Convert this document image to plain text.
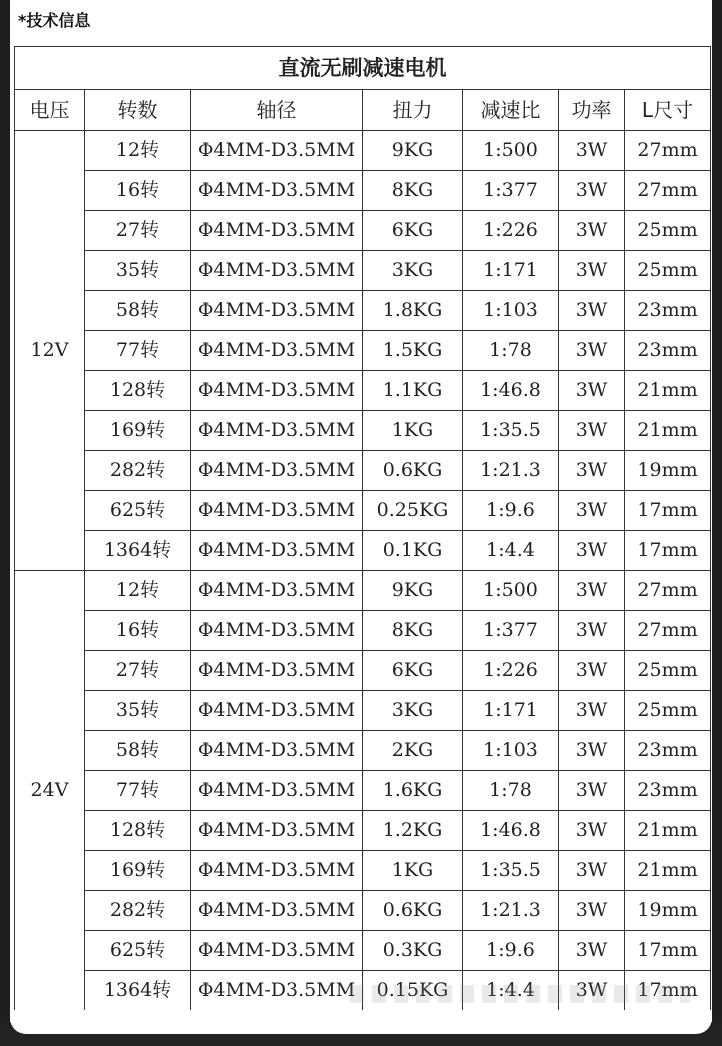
*技术信息
直流无刷减速电机						
电压	转数	轴径	扭力	减速比	功率	L尺寸
12V	12转	Φ4MM-D3.5MM	9KG	1:500	3W	27mm
	16转	Φ4MM-D3.5MM	8KG	1:377	3W	27mm
	27转	Φ4MM-D3.5MM	6KG	1:226	3W	25mm
	35转	Φ4MM-D3.5MM	3KG	1:171	3W	25mm
	58转	Φ4MM-D3.5MM	1.8KG	1:103	3W	23mm
	77转	Φ4MM-D3.5MM	1.5KG	1:78	3W	23mm
	128转	Φ4MM-D3.5MM	1.1KG	1:46.8	3W	21mm
	169转	Φ4MM-D3.5MM	1KG	1:35.5	3W	21mm
	282转	Φ4MM-D3.5MM	0.6KG	1:21.3	3W	19mm
	625转	Φ4MM-D3.5MM	0.25KG	1:9.6	3W	17mm
	1364转	Φ4MM-D3.5MM	0.1KG	1:4.4	3W	17mm
24V	12转	Φ4MM-D3.5MM	9KG	1:500	3W	27mm
	16转	Φ4MM-D3.5MM	8KG	1:377	3W	27mm
	27转	Φ4MM-D3.5MM	6KG	1:226	3W	25mm
	35转	Φ4MM-D3.5MM	3KG	1:171	3W	25mm
	58转	Φ4MM-D3.5MM	2KG	1:103	3W	23mm
	77转	Φ4MM-D3.5MM	1.6KG	1:78	3W	23mm
	128转	Φ4MM-D3.5MM	1.2KG	1:46.8	3W	21mm
	169转	Φ4MM-D3.5MM	1KG	1:35.5	3W	21mm
	282转	Φ4MM-D3.5MM	0.6KG	1:21.3	3W	19mm
	625转	Φ4MM-D3.5MM	0.3KG	1:9.6	3W	17mm
	1364转	Φ4MM-D3.5MM	0.15KG	1:4.4	3W	17mm
